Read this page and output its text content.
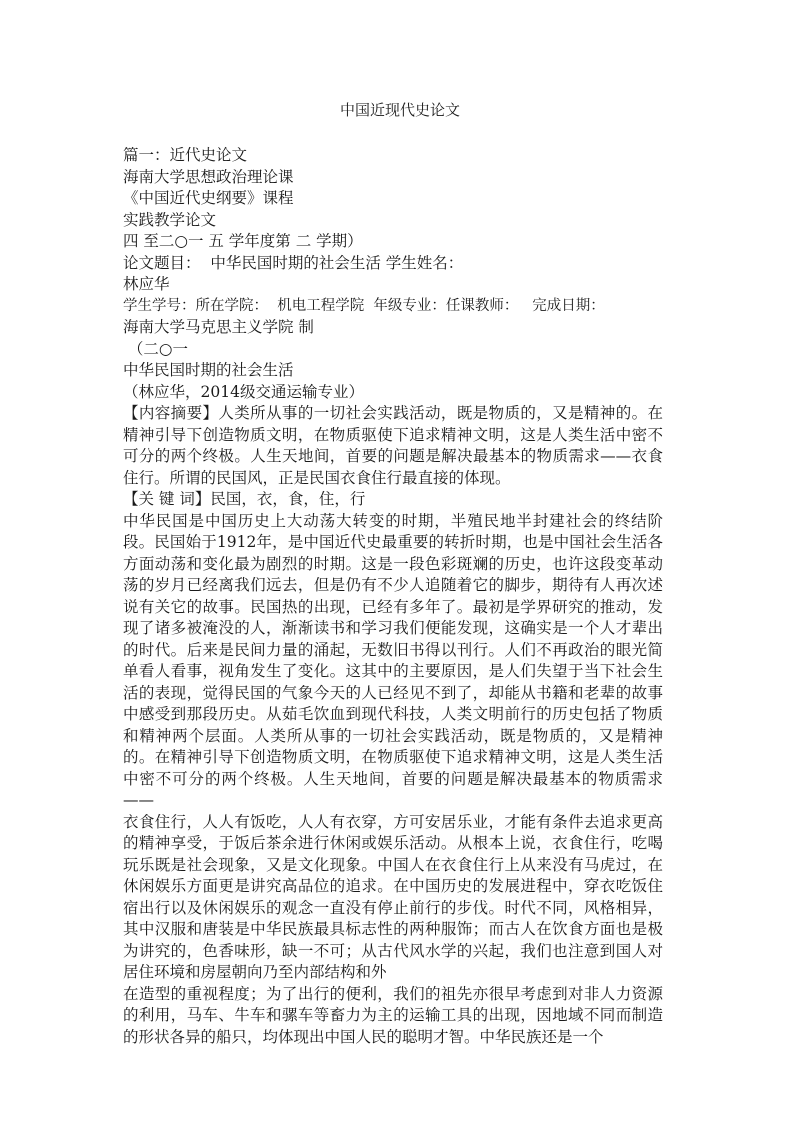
中国近现代史论文
篇一：近代史论文
海南大学思想政治理论课
《中国近代史纲要》课程
实践教学论文
四 至二○一 五 学年度第 二 学期）
论文题目：  中华民国时期的社会生活 学生姓名：
林应华
学生学号：所在学院：  机电工程学院  年级专业：任课教师：   完成日期：
海南大学马克思主义学院 制
（二○一
中华民国时期的社会生活
（林应华，2014级交通运输专业）
【内容摘要】人类所从事的一切社会实践活动，既是物质的，又是精神的。在精神引导下创造物质文明，在物质驱使下追求精神文明，这是人类生活中密不可分的两个终极。人生天地间，首要的问题是解决最基本的物质需求——衣食住行。所谓的民国风，正是民国衣食住行最直接的体现。
【关 键 词】民国，衣，食，住，行
中华民国是中国历史上大动荡大转变的时期，半殖民地半封建社会的终结阶段。民国始于1912年，是中国近代史最重要的转折时期，也是中国社会生活各方面动荡和变化最为剧烈的时期。这是一段色彩斑斓的历史，也许这段变革动荡的岁月已经离我们远去，但是仍有不少人追随着它的脚步，期待有人再次述说有关它的故事。民国热的出现，已经有多年了。最初是学界研究的推动，发现了诸多被淹没的人，渐渐读书和学习我们便能发现，这确实是一个人才辈出的时代。后来是民间力量的涌起，无数旧书得以刊行。人们不再政治的眼光简单看人看事，视角发生了变化。这其中的主要原因，是人们失望于当下社会生活的表现，觉得民国的气象今天的人已经见不到了，却能从书籍和老辈的故事中感受到那段历史。从茹毛饮血到现代科技，人类文明前行的历史包括了物质和精神两个层面。人类所从事的一切社会实践活动，既是物质的，又是精神的。在精神引导下创造物质文明，在物质驱使下追求精神文明，这是人类生活中密不可分的两个终极。人生天地间，首要的问题是解决最基本的物质需求——
衣食住行，人人有饭吃，人人有衣穿，方可安居乐业，才能有条件去追求更高的精神享受，于饭后茶余进行休闲或娱乐活动。从根本上说，衣食住行，吃喝玩乐既是社会现象，又是文化现象。中国人在衣食住行上从来没有马虎过，在休闲娱乐方面更是讲究高品位的追求。在中国历史的发展进程中，穿衣吃饭住宿出行以及休闲娱乐的观念一直没有停止前行的步伐。时代不同，风格相异，其中汉服和唐装是中华民族最具标志性的两种服饰；而古人在饮食方面也是极为讲究的，色香味形，缺一不可；从古代风水学的兴起，我们也注意到国人对居住环境和房屋朝向乃至内部结构和外
在造型的重视程度；为了出行的便利，我们的祖先亦很早考虑到对非人力资源的利用，马车、牛车和骡车等畜力为主的运输工具的出现，因地域不同而制造的形状各异的船只，均体现出中国人民的聪明才智。中华民族还是一个
